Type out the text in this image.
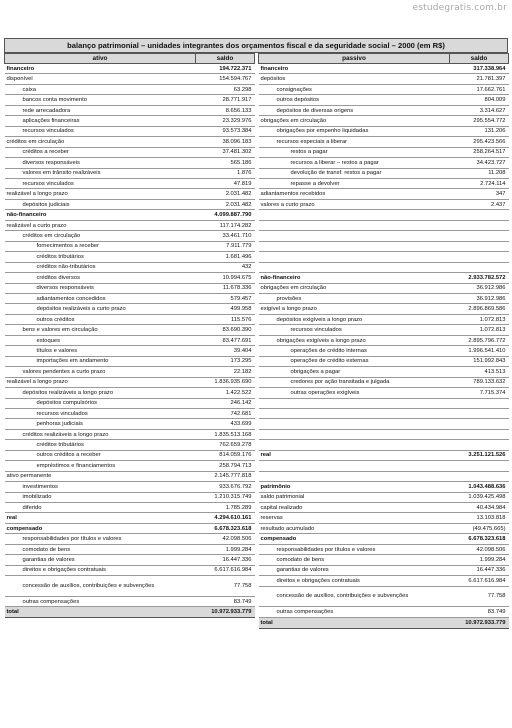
estudegratis.com.br
balanço patrimonial – unidades integrantes dos orçamentos fiscal e da seguridade social – 2000 (em R$)
ativo	saldo
financeiro	194.722.371
disponível	154.594.767
caixa	63.298
bancos conta movimento	28.771.917
rede arrecadadora	8.656.133
aplicações financeiras	23.329.976
recursos vinculados	93.573.384
créditos em circulação	38.096.183
créditos a receber	37.481.302
diversos responsáveis	565.186
valores em trânsito realizáveis	1.876
recursos vinculados	47.819
realizável a longo prazo	2.031.482
depósitos judiciais	2.031.482
não-financeiro	4.099.887.790
realizável a curto prazo	117.174.282
créditos em circulação	33.461.710
fornecimentos a receber	7.911.779
créditos tributários	1.681.496
créditos não-tributários	432
créditos diversos	10.994.675
diversos responsáveis	11.678.336
adiantamentos concedidos	579.457
depósitos realizáveis a curto prazo	499.958
outros créditos	115.576
bens e valores em circulação	83.690.390
estoques	83.477.691
títulos e valores	39.404
importações em andamento	173.295
valores pendentes a curto prazo	22.182
realizável a longo prazo	1.836.935.690
depósitos realizáveis a longo prazo	1.422.522
depósitos compulsórios	246.142
recursos vinculados	742.681
penhoras judiciais	433.699
créditos realizáveis a longo prazo	1.835.513.168
créditos tributários	762.659.278
outros créditos a receber	814.059.176
empréstimos e financiamentos	258.794.713
ativo permanente	2.145.777.818
investimentos	933.676.792
imobilizado	1.210.315.749
diferido	1.785.289
real	4.294.610.161
compensado	6.678.323.618
responsabilidades por títulos e valores	42.098.506
comodato de bens	1.999.284
garantias de valores	16.447.336
direitos e obrigações contratuais	6.617.616.984
concessão de auxílios, contribuições e subvenções	77.758
outras compensações	83.749
total	10.972.933.779
passivo	saldo
financeiro	317.338.964
depósitos	21.781.397
consignações	17.662.761
outros depósitos	804.009
depósitos de diversas origens	3.314.627
obrigações em circulação	295.554.772
obrigações por empenho liquidadas	131.206
recursos especiais a liberar	295.423.566
restos a pagar	258.264.517
recursos a liberar – restos a pagar	34.423.727
devolução de transf. restos a pagar	11.208
repasse a devolver	2.724.114
adiantamentos recebidos	347
valores a curto prazo	2.437

não-financeiro	2.933.782.572
obrigações em circulação	36.912.986
provisões	36.912.986
exigível a longo prazo	2.896.869.586
depósitos exigíveis a longo prazo	1.072.813
recursos vinculados	1.072.813
obrigações exigíveis a longo prazo	2.895.796.772
operações de crédito internas	1.996.541.410
operações de crédito externas	151.992.843
obrigações a pagar	413.513
credores por ação transitada e julgada	789.133.632
outras operações exigíveis	7.715.374

real	3.251.121.526

patrimônio	1.043.488.636
saldo patrimonial	1.039.425.498
capital realizado	40.434.984
reservas	13.103.818
resultado acumulado	(49.475.665)
compensado	6.678.323.618
responsabilidades por títulos e valores	42.098.506
comodato de bens	1.999.284
garantias de valores	16.447.336
direitos e obrigações contratuais	6.617.616.984
concessão de auxílios, contribuições e subvenções	77.758
outras compensações	83.749
total	10.972.933.779
